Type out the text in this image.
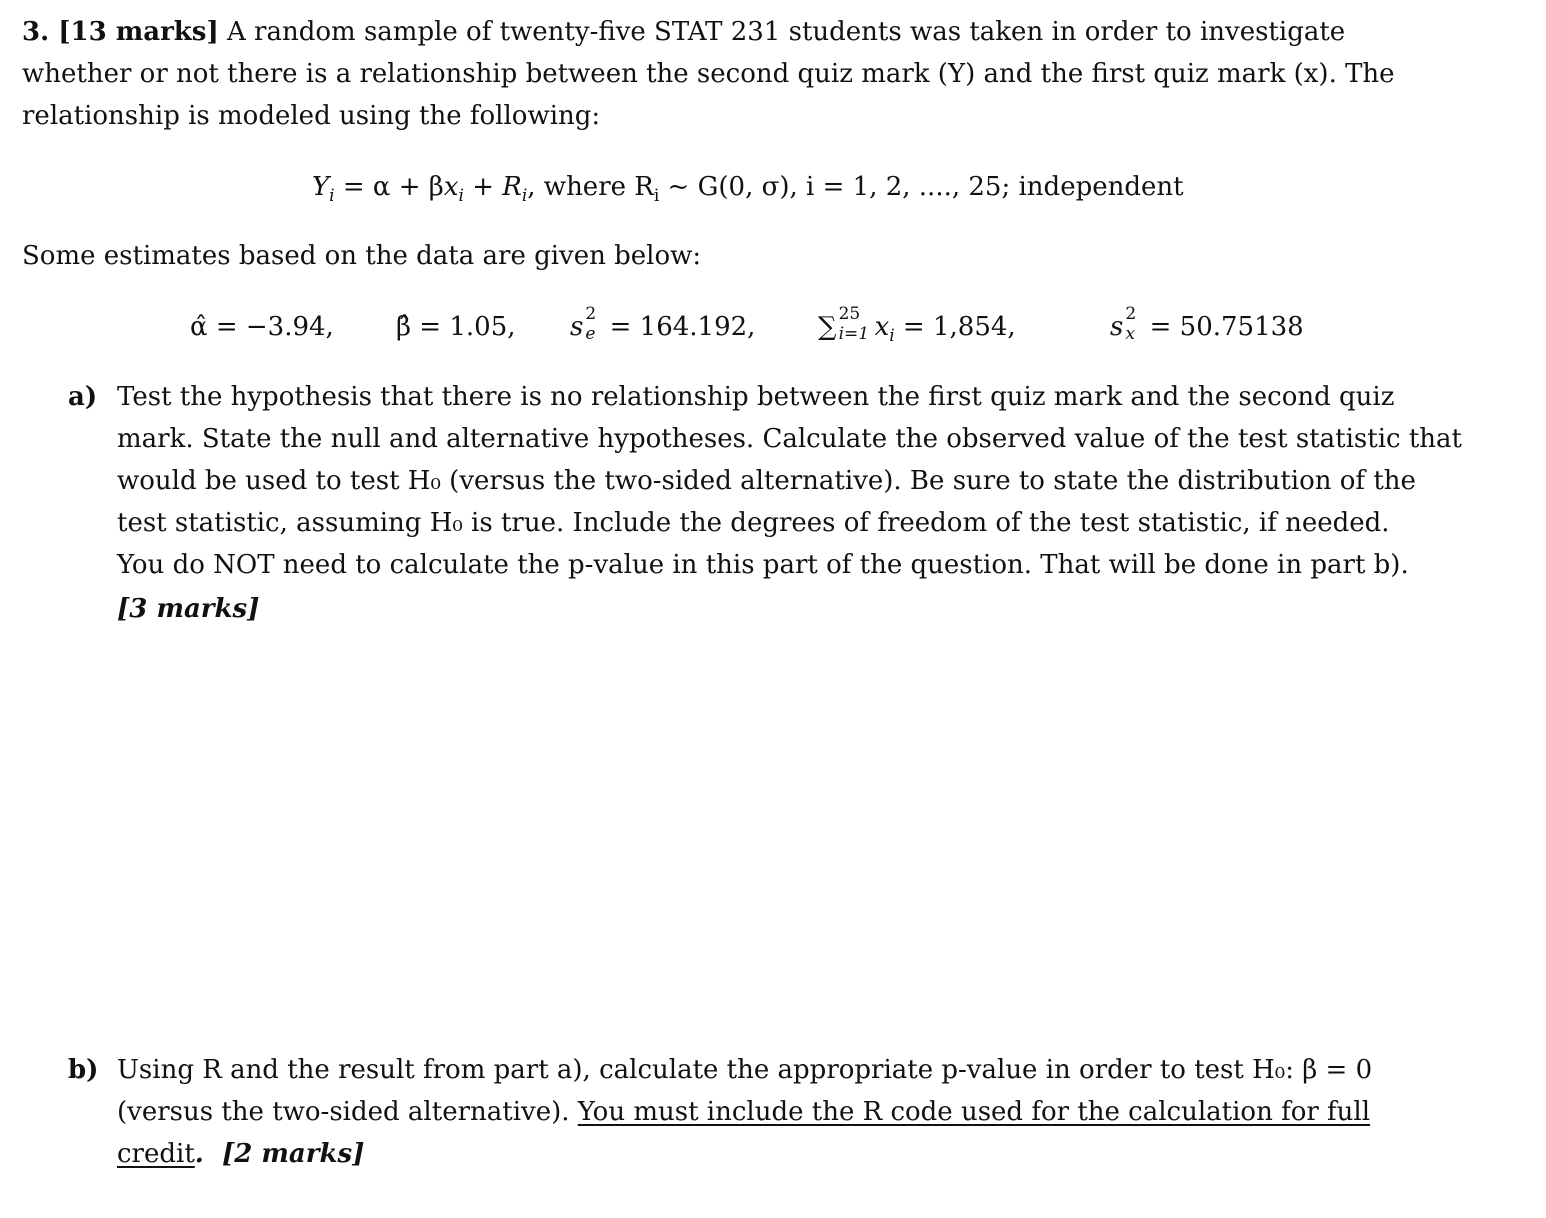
3. [13 marks] A random sample of twenty-five STAT 231 students was taken in order to investigate
whether or not there is a relationship between the second quiz mark (Y) and the first quiz mark (x). The
relationship is modeled using the following:
$Y_i = \alpha + \beta x_i + R_i$, where $R_i$ ~ G(0, σ), i = 1, 2, ...., 25; independent
Some estimates based on the data are given below:
α̂ = −3.94, β̂ = 1.05, s 2
e = 164.192, ∑ 25
i=1 $x_i = 1,854$,	s 2
x = 50.75138
a) Test the hypothesis that there is no relationship between the first quiz mark and the second quiz
mark. State the null and alternative hypotheses. Calculate the observed value of the test statistic that
would be used to test H₀ (versus the two-sided alternative). Be sure to state the distribution of the
test statistic, assuming H₀ is true. Include the degrees of freedom of the test statistic, if needed.
You do NOT need to calculate the p-value in this part of the question. That will be done in part b).
[3 marks]
b) Using R and the result from part a), calculate the appropriate p-value in order to test H₀: β = 0
(versus the two-sided alternative). You must include the R code used for the calculation for full
credit.  [2 marks]
